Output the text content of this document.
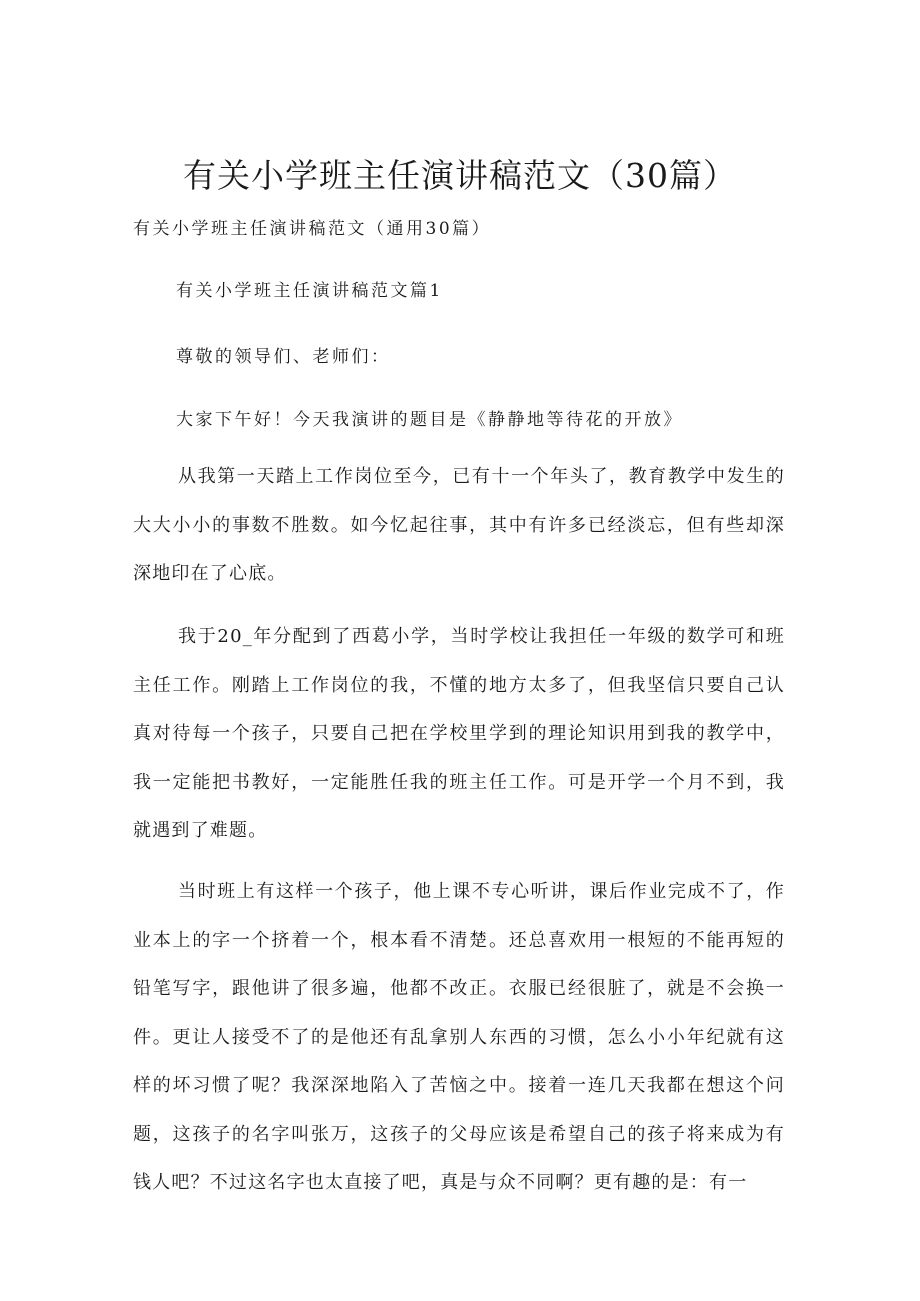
有关小学班主任演讲稿范文（30篇）

有关小学班主任演讲稿范文（通用30篇）

有关小学班主任演讲稿范文篇1

尊敬的领导们、老师们：

大家下午好！今天我演讲的题目是《静静地等待花的开放》

从我第一天踏上工作岗位至今，已有十一个年头了，教育教学中发生的大大小小的事数不胜数。如今忆起往事，其中有许多已经淡忘，但有些却深深地印在了心底。

我于20_年分配到了西葛小学，当时学校让我担任一年级的数学可和班主任工作。刚踏上工作岗位的我，不懂的地方太多了，但我坚信只要自己认真对待每一个孩子，只要自己把在学校里学到的理论知识用到我的教学中，我一定能把书教好，一定能胜任我的班主任工作。可是开学一个月不到，我就遇到了难题。

当时班上有这样一个孩子，他上课不专心听讲，课后作业完成不了，作业本上的字一个挤着一个，根本看不清楚。还总喜欢用一根短的不能再短的铅笔写字，跟他讲了很多遍，他都不改正。衣服已经很脏了，就是不会换一件。更让人接受不了的是他还有乱拿别人东西的习惯，怎么小小年纪就有这样的坏习惯了呢？我深深地陷入了苦恼之中。接着一连几天我都在想这个问题，这孩子的名字叫张万，这孩子的父母应该是希望自己的孩子将来成为有钱人吧？不过这名字也太直接了吧，真是与众不同啊？更有趣的是：有一
